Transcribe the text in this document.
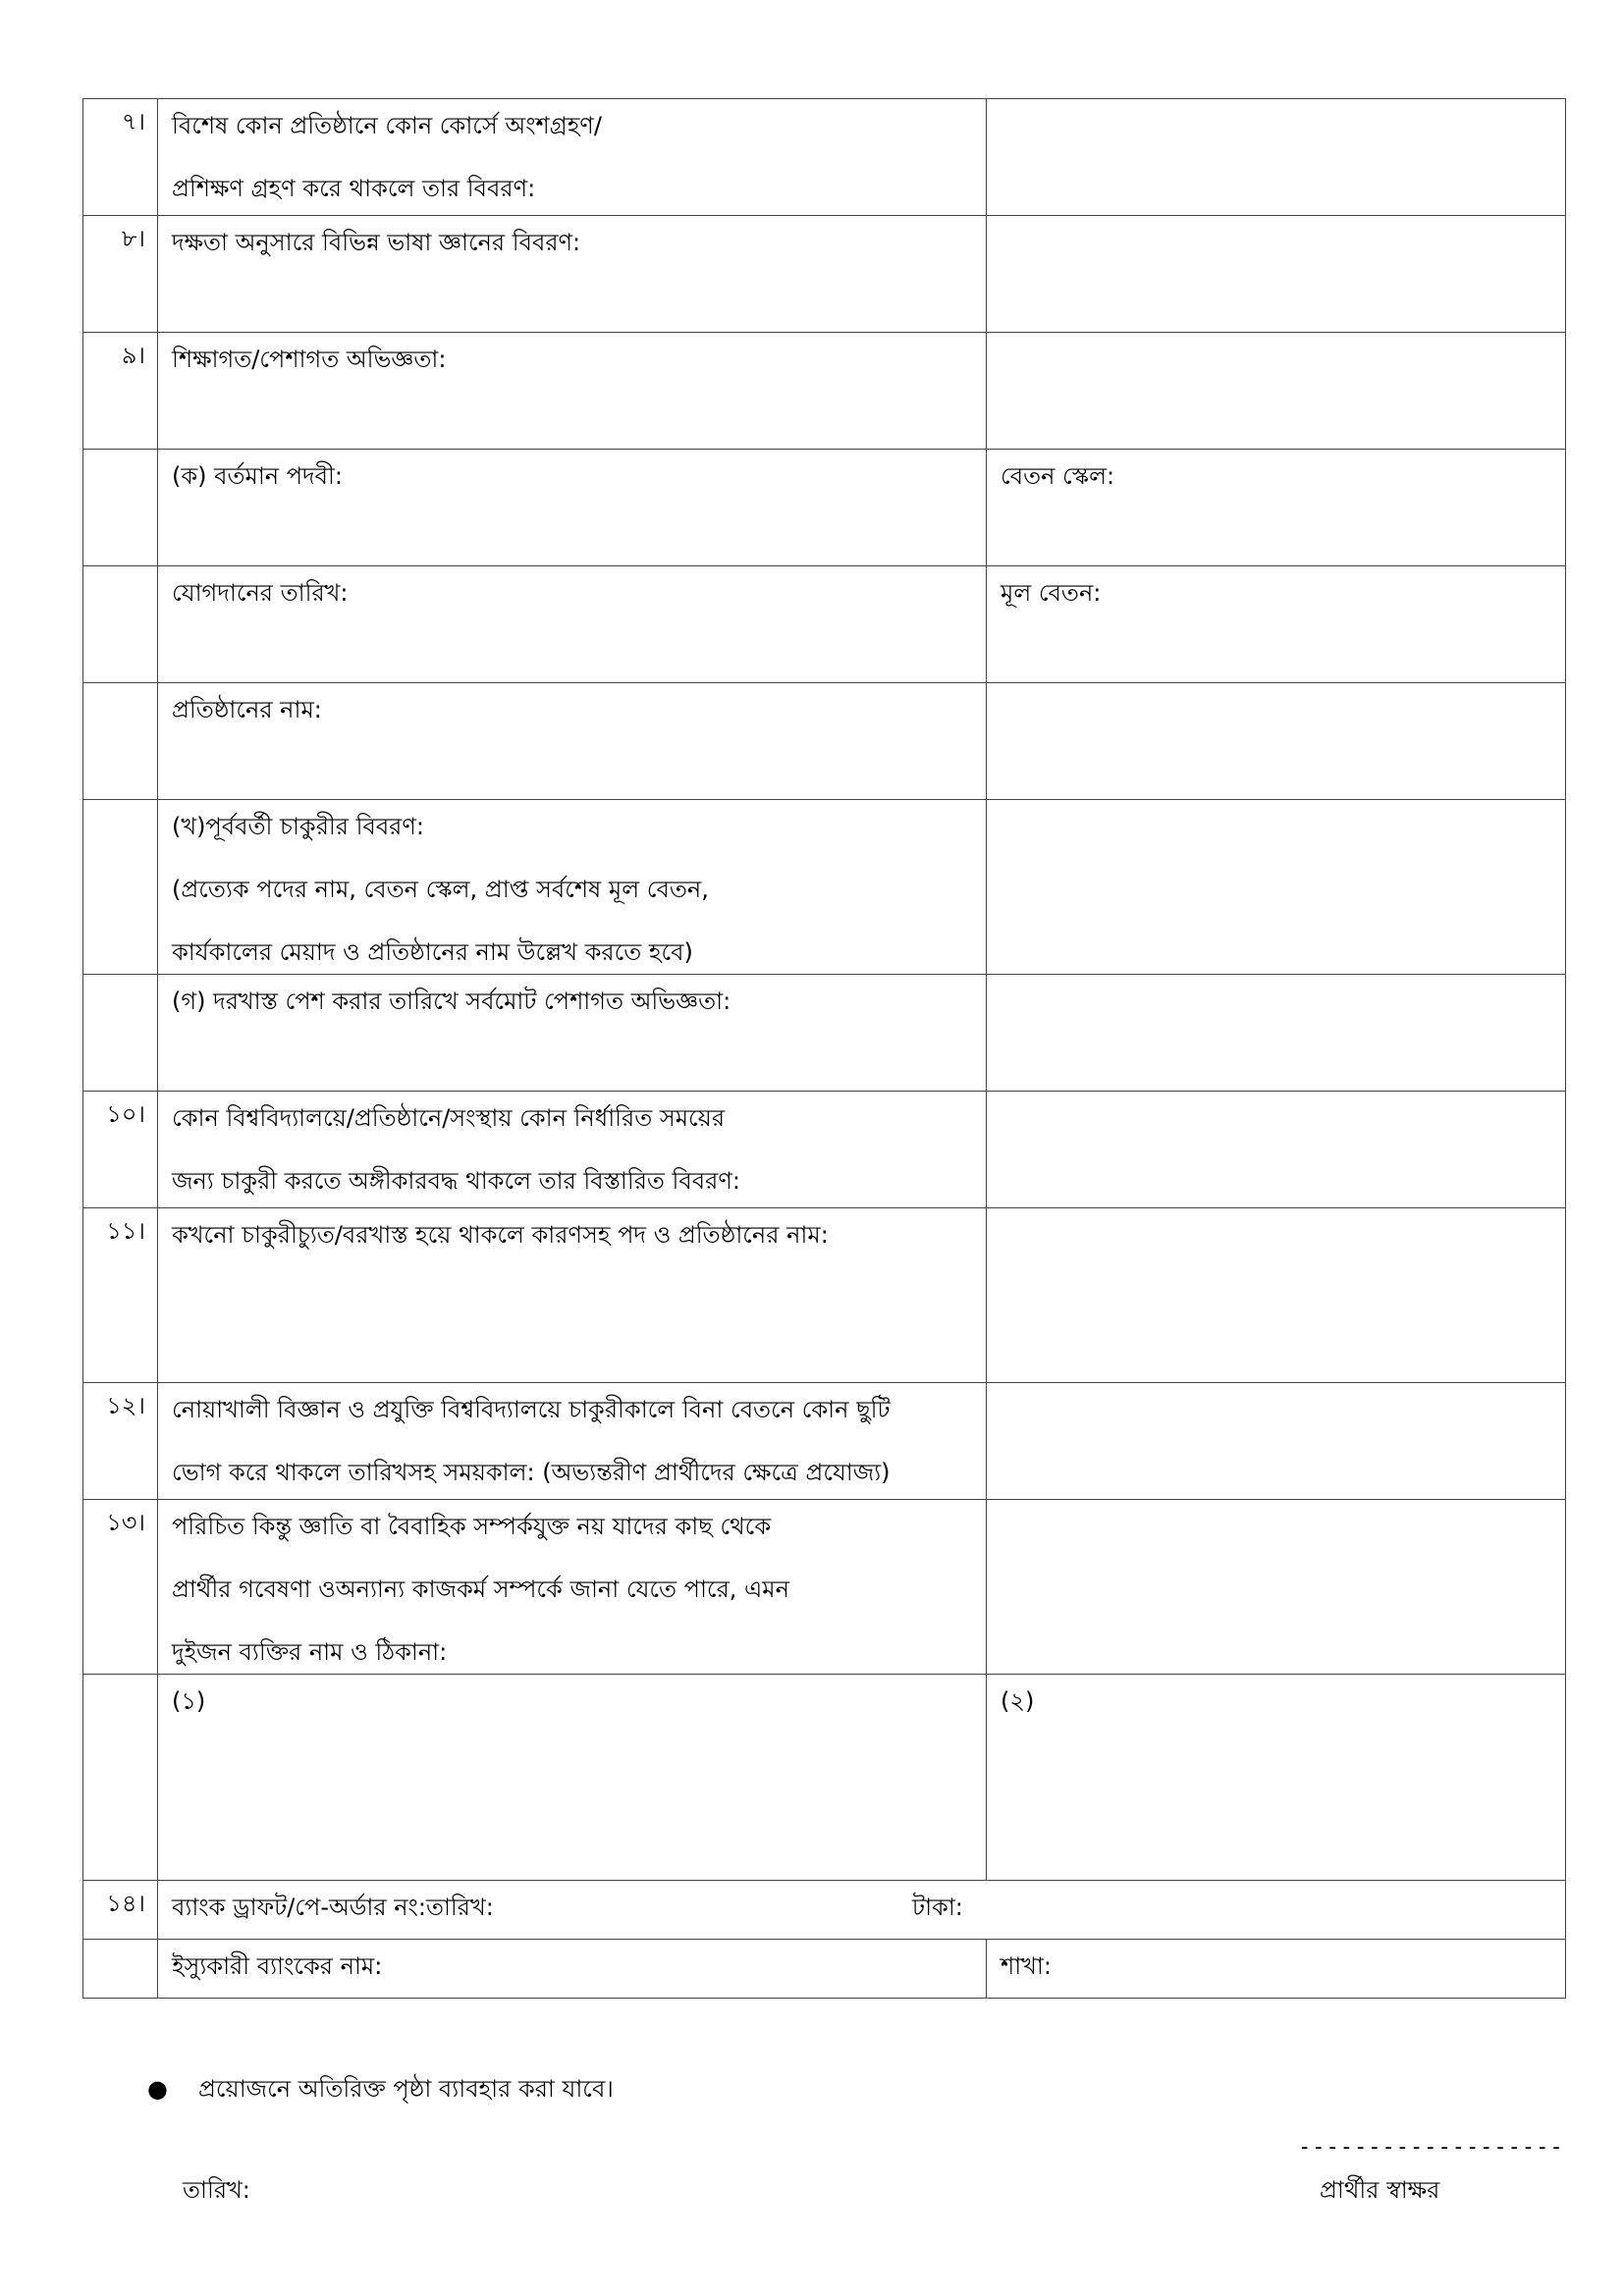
৭।	বিশেষ কোন প্রতিষ্ঠানে কোন কোর্সে অংশগ্রহণ/
প্রশিক্ষণ গ্রহণ করে থাকলে তার বিবরণ:	

৮।	দক্ষতা অনুসারে বিভিন্ন ভাষা জ্ঞানের বিবরণ:	

৯।	শিক্ষাগত/পেশাগত অভিজ্ঞতা:	

	(ক) বর্তমান পদবী:	বেতন স্কেল:

	যোগদানের তারিখ:	মূল বেতন:

	প্রতিষ্ঠানের নাম:	

	(খ)পূর্ববর্তী চাকুরীর বিবরণ:
(প্রত্যেক পদের নাম, বেতন স্কেল, প্রাপ্ত সর্বশেষ মূল বেতন,
কার্যকালের মেয়াদ ও প্রতিষ্ঠানের নাম উল্লেখ করতে হবে)	

	(গ) দরখাস্ত পেশ করার তারিখে সর্বমোট পেশাগত অভিজ্ঞতা:	

১০।	কোন বিশ্ববিদ্যালয়ে/প্রতিষ্ঠানে/সংস্থায় কোন নির্ধারিত সময়ের
জন্য চাকুরী করতে অঙ্গীকারবদ্ধ থাকলে তার বিস্তারিত বিবরণ:	

১১।	কখনো চাকুরীচ্যুত/বরখাস্ত হয়ে থাকলে কারণসহ পদ ও প্রতিষ্ঠানের নাম:	

১২।	নোয়াখালী বিজ্ঞান ও প্রযুক্তি বিশ্ববিদ্যালয়ে চাকুরীকালে বিনা বেতনে কোন ছুটি
ভোগ করে থাকলে তারিখসহ সময়কাল: (অভ্যন্তরীণ প্রার্থীদের ক্ষেত্রে প্রযোজ্য)	

১৩।	পরিচিত কিন্তু জ্ঞাতি বা বৈবাহিক সম্পর্কযুক্ত নয় যাদের কাছ থেকে
প্রার্থীর গবেষণা ওঅন্যান্য কাজকর্ম সম্পর্কে জানা যেতে পারে, এমন
দুইজন ব্যক্তির নাম ও ঠিকানা:	

	(১)	(২)
১৪।	ব্যাংক ড্রাফট/পে-অর্ডার নং:তারিখ: টাকা:	

	ইস্যুকারী ব্যাংকের নাম:	শাখা:
● প্রয়োজনে অতিরিক্ত পৃষ্ঠা ব্যাবহার করা যাবে।
তারিখ:
-------------------
প্রার্থীর স্বাক্ষর
